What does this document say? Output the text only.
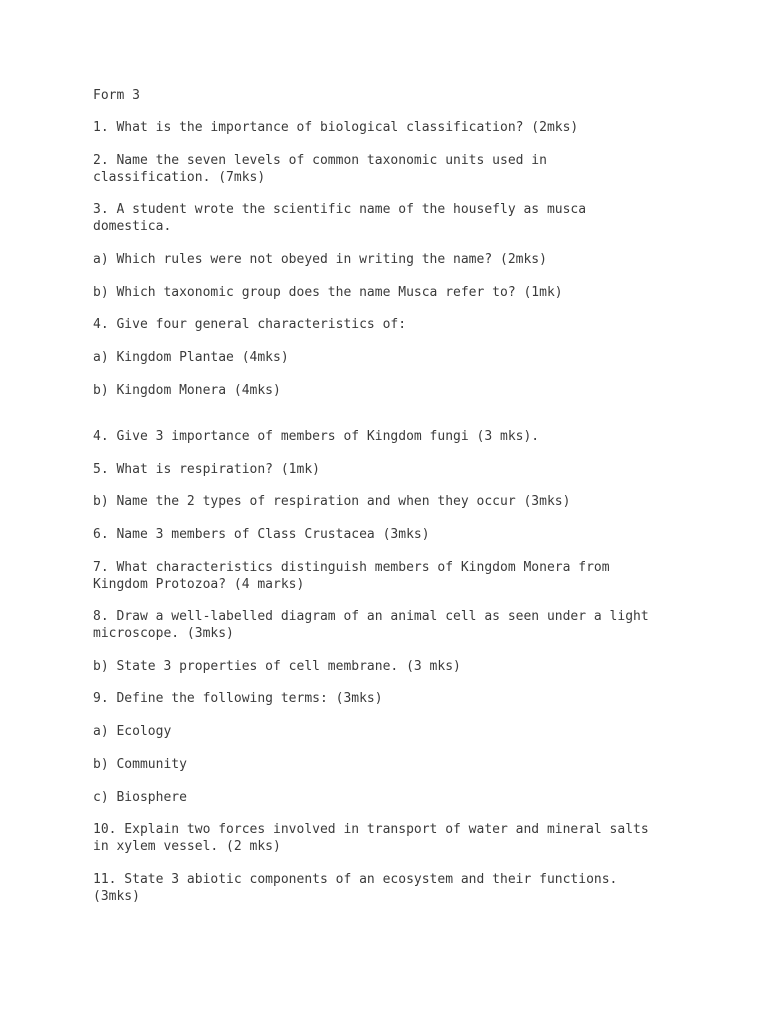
Form 3

1. What is the importance of biological classification? (2mks)

2. Name the seven levels of common taxonomic units used in
classification. (7mks)

3. A student wrote the scientific name of the housefly as musca
domestica.

a) Which rules were not obeyed in writing the name? (2mks)

b) Which taxonomic group does the name Musca refer to? (1mk)

4. Give four general characteristics of:

a) Kingdom Plantae (4mks)

b) Kingdom Monera (4mks)

4. Give 3 importance of members of Kingdom fungi (3 mks).

5. What is respiration? (1mk)

b) Name the 2 types of respiration and when they occur (3mks)

6. Name 3 members of Class Crustacea (3mks)

7. What characteristics distinguish members of Kingdom Monera from
Kingdom Protozoa? (4 marks)

8. Draw a well-labelled diagram of an animal cell as seen under a light
microscope. (3mks)

b) State 3 properties of cell membrane. (3 mks)

9. Define the following terms: (3mks)

a) Ecology

b) Community

c) Biosphere

10. Explain two forces involved in transport of water and mineral salts
in xylem vessel. (2 mks)

11. State 3 abiotic components of an ecosystem and their functions.
(3mks)
